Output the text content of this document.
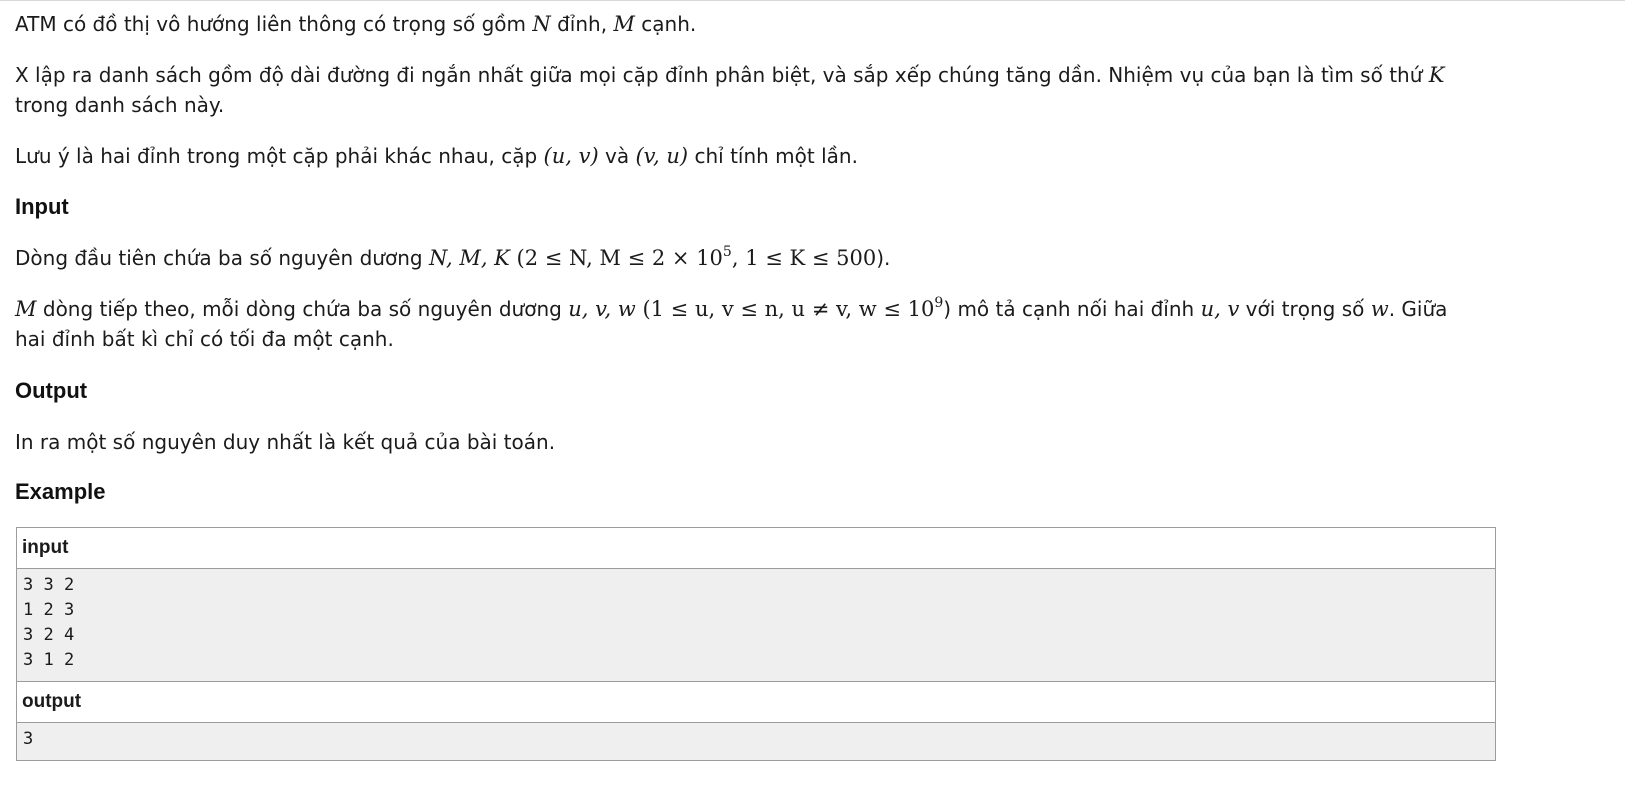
ATM có đồ thị vô hướng liên thông có trọng số gồm N đỉnh, M cạnh.

X lập ra danh sách gồm độ dài đường đi ngắn nhất giữa mọi cặp đỉnh phân biệt, và sắp xếp chúng tăng dần. Nhiệm vụ của bạn là tìm số thứ K
trong danh sách này.

Lưu ý là hai đỉnh trong một cặp phải khác nhau, cặp (u, v) và (v, u) chỉ tính một lần.

Input

Dòng đầu tiên chứa ba số nguyên dương N, M, K (2 ≤ N, $M \le 2 \times 10^5$, 1 ≤ K ≤ 500).

M dòng tiếp theo, mỗi dòng chứa ba số nguyên dương u, v, w (1 ≤ u, v ≤ n, u ≠ v, $w \le 10^9$) mô tả cạnh nối hai đỉnh u, v với trọng số w. Giữa
hai đỉnh bất kì chỉ có tối đa một cạnh.

Output

In ra một số nguyên duy nhất là kết quả của bài toán.

Example
input
3 3 2
1 2 3
3 2 4
3 1 2
output
3
